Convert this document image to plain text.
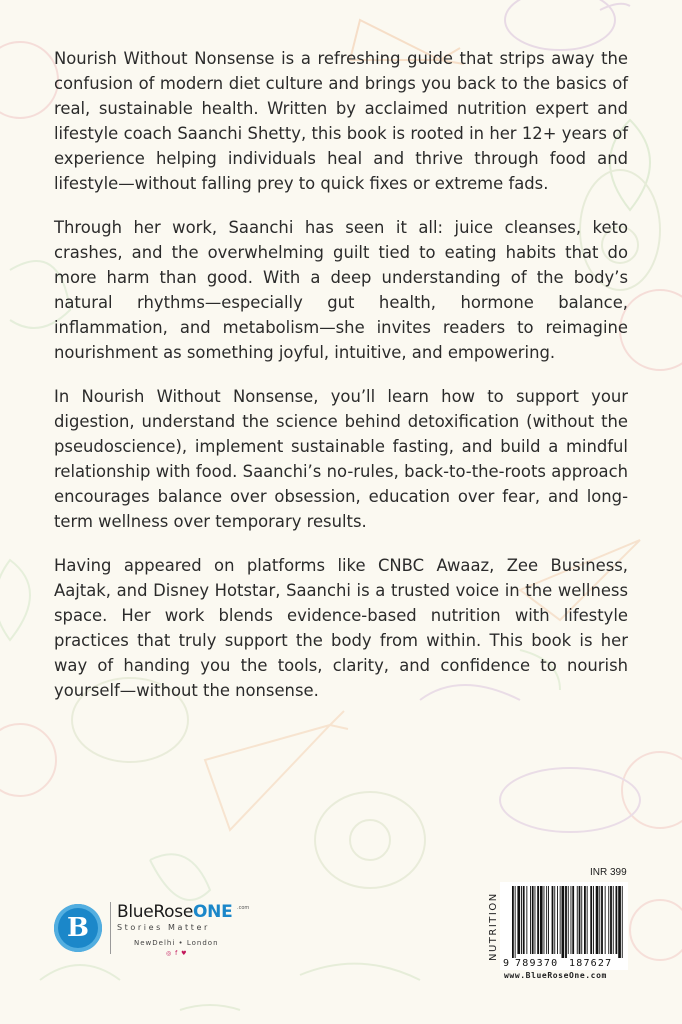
Nourish Without Nonsense is a refreshing guide that strips away the confusion of modern diet culture and brings you back to the basics of real, sustainable health. Written by acclaimed nutrition expert and lifestyle coach Saanchi Shetty, this book is rooted in her 12+ years of experience helping individuals heal and thrive through food and lifestyle—without falling prey to quick fixes or extreme fads.

Through her work, Saanchi has seen it all: juice cleanses, keto crashes, and the overwhelming guilt tied to eating habits that do more harm than good. With a deep understanding of the body’s natural rhythms—especially gut health, hormone balance, inflammation, and metabolism—she invites readers to reimagine nourishment as something joyful, intuitive, and empowering.

In Nourish Without Nonsense, you’ll learn how to support your digestion, understand the science behind detoxification (without the pseudoscience), implement sustainable fasting, and build a mindful relationship with food. Saanchi’s no-rules, back-to-the-roots approach encourages balance over obsession, education over fear, and long-term wellness over temporary results.

Having appeared on platforms like CNBC Awaaz, Zee Business, Aajtak, and Disney Hotstar, Saanchi is a trusted voice in the wellness space. Her work blends evidence-based nutrition with lifestyle practices that truly support the body from within. This book is her way of handing you the tools, clarity, and confidence to nourish yourself—without the nonsense.

B
BlueRoseONE .com
Stories Matter
NewDelhi • London
◎ f ♥
INR 399
NUTRITION
9 789370 187627
www.BlueRoseOne.com
